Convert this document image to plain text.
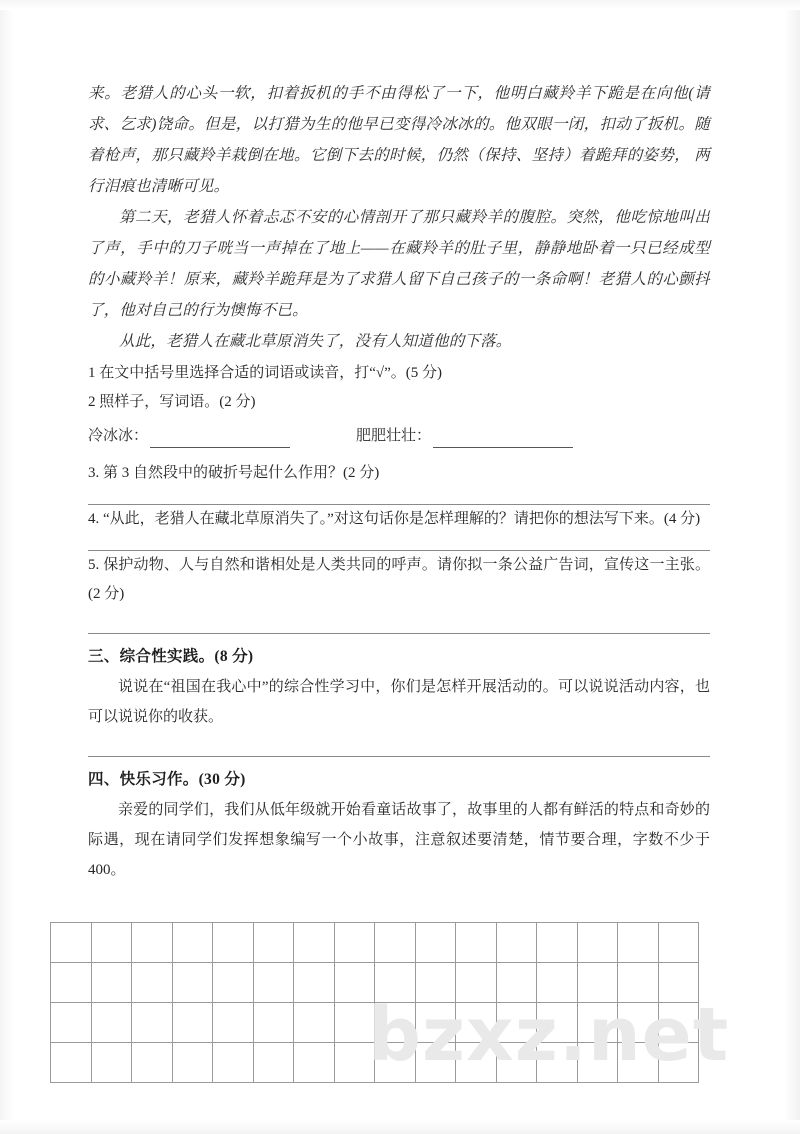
来。老猎人的心头一软，扣着扳机的手不由得松了一下，他明白藏羚羊下跪是在向他(请求、乞求)饶命。但是，以打猎为生的他早已变得冷冰冰的。他双眼一闭，扣动了扳机。随着枪声，那只藏羚羊栽倒在地。它倒下去的时候，仍然（保持、坚持）着跪拜的姿势， 两行泪痕也清晰可见。

第二天，老猎人怀着忐忑不安的心情剖开了那只藏羚羊的腹腔。突然，他吃惊地叫出了声，手中的刀子咣当一声掉在了地上——在藏羚羊的肚子里，静静地卧着一只已经成型的小藏羚羊！原来，藏羚羊跪拜是为了求猎人留下自己孩子的一条命啊！老猎人的心颤抖了，他对自己的行为懊悔不已。

从此，老猎人在藏北草原消失了，没有人知道他的下落。

1 在文中括号里选择合适的词语或读音，打“√”。(5 分)

2 照样子，写词语。(2 分)

冷冰冰：	肥肥壮壮：

3. 第 3 自然段中的破折号起什么作用？(2 分)

4. “从此，老猎人在藏北草原消失了。”对这句话你是怎样理解的？请把你的想法写下来。(4 分)

5. 保护动物、人与自然和谐相处是人类共同的呼声。请你拟一条公益广告词，宣传这一主张。(2 分)

三、综合性实践。(8 分)

说说在“祖国在我心中”的综合性学习中，你们是怎样开展活动的。可以说说活动内容，也可以说说你的收获。

四、快乐习作。(30 分)

亲爱的同学们，我们从低年级就开始看童话故事了，故事里的人都有鲜活的特点和奇妙的际遇，现在请同学们发挥想象编写一个小故事，注意叙述要清楚，情节要合理，字数不少于 400。

bzxz.net
